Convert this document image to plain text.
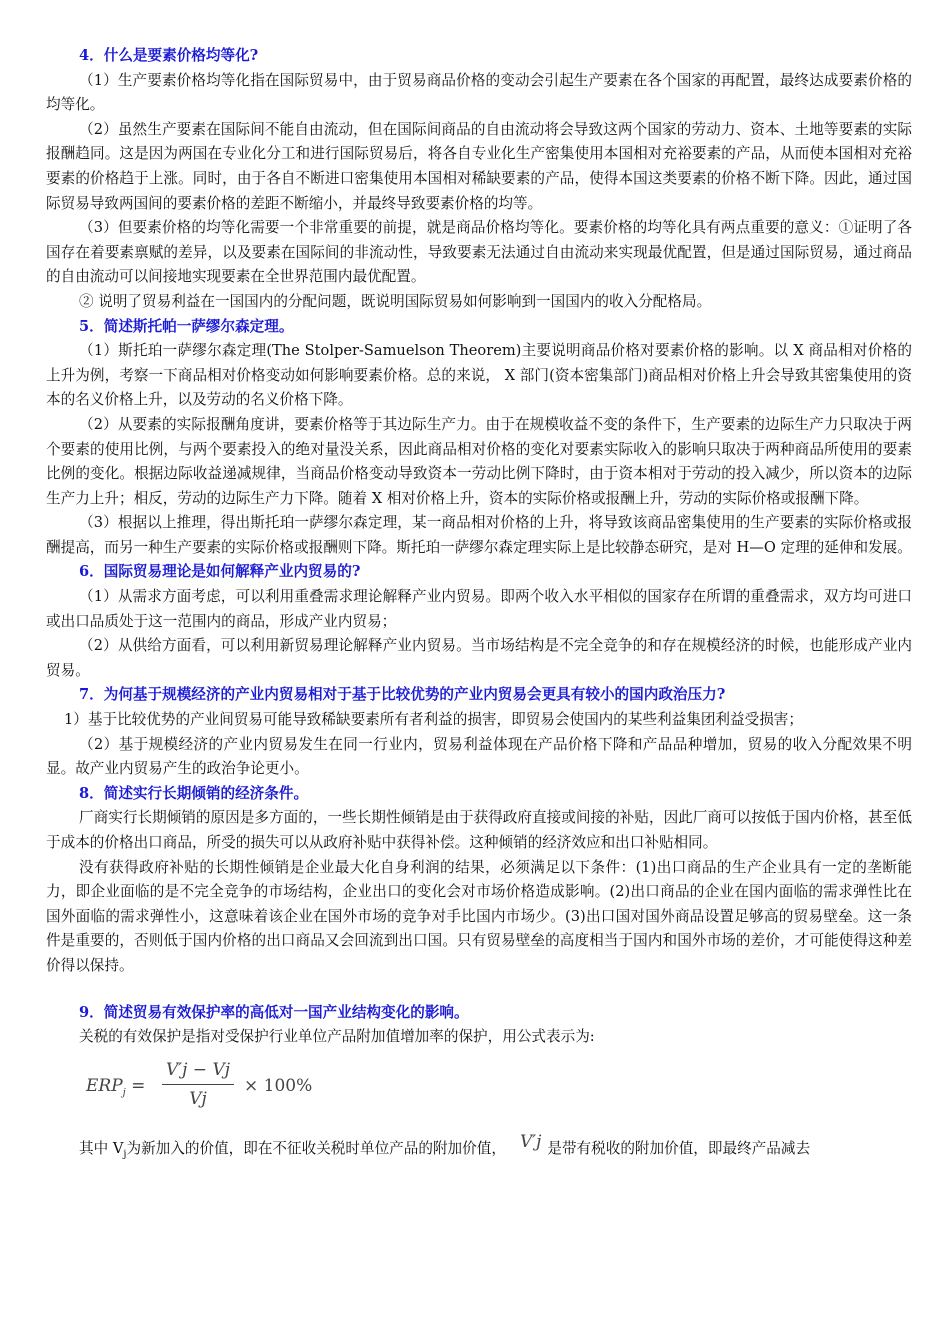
4．什么是要素价格均等化?

（1）生产要素价格均等化指在国际贸易中，由于贸易商品价格的变动会引起生产要素在各个国家的再配置，最终达成要素价格的均等化。

（2）虽然生产要素在国际间不能自由流动，但在国际间商品的自由流动将会导致这两个国家的劳动力、资本、土地等要素的实际报酬趋同。这是因为两国在专业化分工和进行国际贸易后，将各自专业化生产密集使用本国相对充裕要素的产品，从而使本国相对充裕要素的价格趋于上涨。同时，由于各自不断进口密集使用本国相对稀缺要素的产品，使得本国这类要素的价格不断下降。因此，通过国际贸易导致两国间的要素价格的差距不断缩小，并最终导致要素价格的均等。

（3）但要素价格的均等化需要一个非常重要的前提，就是商品价格均等化。要素价格的均等化具有两点重要的意义：①证明了各国存在着要素禀赋的差异，以及要素在国际间的非流动性，导致要素无法通过自由流动来实现最优配置，但是通过国际贸易，通过商品的自由流动可以间接地实现要素在全世界范围内最优配置。

② 说明了贸易利益在一国国内的分配问题，既说明国际贸易如何影响到一国国内的收入分配格局。

5．简述斯托帕一萨缪尔森定理。

（1）斯托珀一萨缪尔森定理(The Stolper-Samuelson Theorem)主要说明商品价格对要素价格的影响。以 X 商品相对价格的上升为例，考察一下商品相对价格变动如何影响要素价格。总的来说， X 部门(资本密集部门)商品相对价格上升会导致其密集使用的资本的名义价格上升，以及劳动的名义价格下降。

（2）从要素的实际报酬角度讲，要素价格等于其边际生产力。由于在规模收益不变的条件下，生产要素的边际生产力只取决于两个要素的使用比例，与两个要素投入的绝对量没关系，因此商品相对价格的变化对要素实际收入的影响只取决于两种商品所使用的要素比例的变化。根据边际收益递减规律，当商品价格变动导致资本一劳动比例下降时，由于资本相对于劳动的投入减少，所以资本的边际生产力上升；相反，劳动的边际生产力下降。随着 X 相对价格上升，资本的实际价格或报酬上升，劳动的实际价格或报酬下降。

（3）根据以上推理，得出斯托珀一萨缪尔森定理，某一商品相对价格的上升，将导致该商品密集使用的生产要素的实际价格或报酬提高，而另一种生产要素的实际价格或报酬则下降。斯托珀一萨缪尔森定理实际上是比较静态研究，是对 H—O 定理的延伸和发展。

6．国际贸易理论是如何解释产业内贸易的?

（1）从需求方面考虑，可以利用重叠需求理论解释产业内贸易。即两个收入水平相似的国家存在所谓的重叠需求，双方均可进口或出口品质处于这一范围内的商品，形成产业内贸易；

（2）从供给方面看，可以利用新贸易理论解释产业内贸易。当市场结构是不完全竞争的和存在规模经济的时候，也能形成产业内贸易。

7．为何基于规模经济的产业内贸易相对于基于比较优势的产业内贸易会更具有较小的国内政治压力?

1）基于比较优势的产业间贸易可能导致稀缺要素所有者利益的损害，即贸易会使国内的某些利益集团利益受损害；

（2）基于规模经济的产业内贸易发生在同一行业内，贸易利益体现在产品价格下降和产品品种增加，贸易的收入分配效果不明显。故产业内贸易产生的政治争论更小。

8．简述实行长期倾销的经济条件。

厂商实行长期倾销的原因是多方面的，一些长期性倾销是由于获得政府直接或间接的补贴，因此厂商可以按低于国内价格，甚至低于成本的价格出口商品，所受的损失可以从政府补贴中获得补偿。这种倾销的经济效应和出口补贴相同。

没有获得政府补贴的长期性倾销是企业最大化自身利润的结果，必须满足以下条件：(1)出口商品的生产企业具有一定的垄断能力，即企业面临的是不完全竞争的市场结构，企业出口的变化会对市场价格造成影响。(2)出口商品的企业在国内面临的需求弹性比在国外面临的需求弹性小，这意味着该企业在国外市场的竞争对手比国内市场少。(3)出口国对国外商品设置足够高的贸易壁垒。这一条件是重要的，否则低于国内价格的出口商品又会回流到出口国。只有贸易壁垒的高度相当于国内和国外市场的差价，才可能使得这种差价得以保持。

9．简述贸易有效保护率的高低对一国产业结构变化的影响。

关税的有效保护是指对受保护行业单位产品附加值增加率的保护，用公式表示为:

$ERP_j = \frac{V'j - Vj}{Vj} \times 100\%$

其中 $V_j$为新加入的价值，即在不征收关税时单位产品的附加价值， V′j 是带有税收的附加价值，即最终产品减去
